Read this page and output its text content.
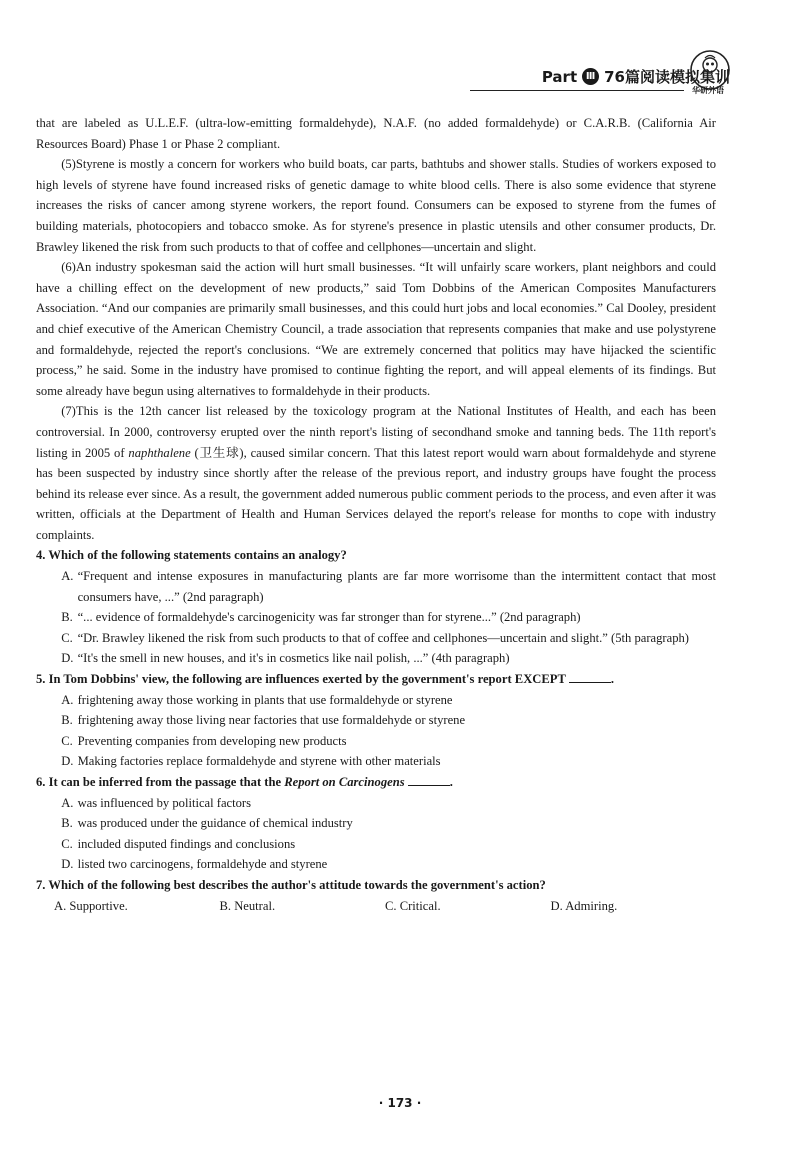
Part Ⅲ 76篇阅读模拟集训
华研外语

that are labeled as U.L.E.F. (ultra-low-emitting formaldehyde), N.A.F. (no added formaldehyde) or C.A.R.B. (California Air Resources Board) Phase 1 or Phase 2 compliant.

(5)Styrene is mostly a concern for workers who build boats, car parts, bathtubs and shower stalls. Studies of workers exposed to high levels of styrene have found increased risks of genetic damage to white blood cells. There is also some evidence that styrene increases the risks of cancer among styrene workers, the report found. Consumers can be exposed to styrene from the fumes of building materials, photocopiers and tobacco smoke. As for styrene's presence in plastic utensils and other consumer products, Dr. Brawley likened the risk from such products to that of coffee and cellphones—uncertain and slight.

(6)An industry spokesman said the action will hurt small businesses. “It will unfairly scare workers, plant neighbors and could have a chilling effect on the development of new products,” said Tom Dobbins of the American Composites Manufacturers Association. “And our companies are primarily small businesses, and this could hurt jobs and local economies.” Cal Dooley, president and chief executive of the American Chemistry Council, a trade association that represents companies that make and use polystyrene and formaldehyde, rejected the report's conclusions. “We are extremely concerned that politics may have hijacked the scientific process,” he said. Some in the industry have promised to continue fighting the report, and will appeal elements of its findings. But some already have begun using alternatives to formaldehyde in their products.

(7)This is the 12th cancer list released by the toxicology program at the National Institutes of Health, and each has been controversial. In 2000, controversy erupted over the ninth report's listing of secondhand smoke and tanning beds. The 11th report's listing in 2005 of naphthalene (卫生球), caused similar concern. That this latest report would warn about formaldehyde and styrene has been suspected by industry since shortly after the release of the previous report, and industry groups have fought the process behind its release ever since. As a result, the government added numerous public comment periods to the process, and even after it was written, officials at the Department of Health and Human Services delayed the report's release for months to cope with industry complaints.

4. Which of the following statements contains an analogy?

A. “Frequent and intense exposures in manufacturing plants are far more worrisome than the intermittent contact that most consumers have, ...” (2nd paragraph)

B. “... evidence of formaldehyde's carcinogenicity was far stronger than for styrene...” (2nd paragraph)

C. “Dr. Brawley likened the risk from such products to that of coffee and cellphones—uncertain and slight.” (5th paragraph)

D. “It's the smell in new houses, and it's in cosmetics like nail polish, ...” (4th paragraph)

5. In Tom Dobbins' view, the following are influences exerted by the government's report EXCEPT	.

A. frightening away those working in plants that use formaldehyde or styrene

B. frightening away those living near factories that use formaldehyde or styrene

C. Preventing companies from developing new products

D. Making factories replace formaldehyde and styrene with other materials

6. It can be inferred from the passage that the Report on Carcinogens	.

A. was influenced by political factors

B. was produced under the guidance of chemical industry

C. included disputed findings and conclusions

D. listed two carcinogens, formaldehyde and styrene

7. Which of the following best describes the author's attitude towards the government's action?

A. Supportive.	B. Neutral.	C. Critical.	D. Admiring.
· 173 ·
